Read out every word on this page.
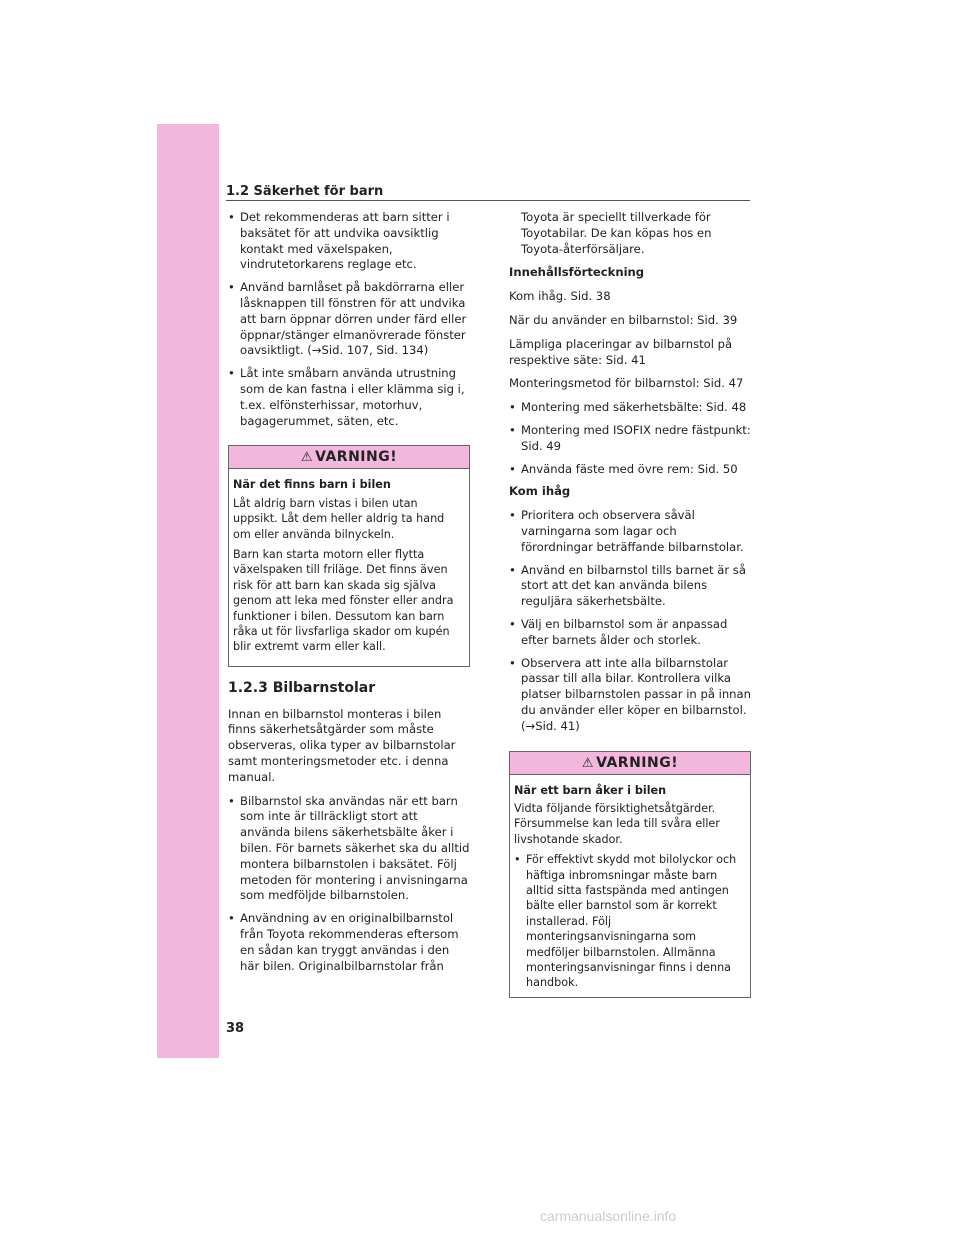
1.2 Säkerhet för barn
• Det rekommenderas att barn sitter i baksätet för att undvika oavsiktlig kontakt med växelspaken, vindrutetorkarens reglage etc.
• Använd barnlåset på bakdörrarna eller låsknappen till fönstren för att undvika att barn öppnar dörren under färd eller öppnar/stänger elmanövrerade fönster oavsiktligt. (→Sid. 107, Sid. 134)
• Låt inte småbarn använda utrustning som de kan fastna i eller klämma sig i, t.ex. elfönsterhissar, motorhuv, bagagerummet, säten, etc.
⚠ VARNING!
När det finns barn i bilen
Låt aldrig barn vistas i bilen utan uppsikt. Låt dem heller aldrig ta hand om eller använda bilnyckeln.
Barn kan starta motorn eller flytta växelspaken till friläge. Det finns även risk för att barn kan skada sig själva genom att leka med fönster eller andra funktioner i bilen. Dessutom kan barn råka ut för livsfarliga skador om kupén blir extremt varm eller kall.
1.2.3 Bilbarnstolar
Innan en bilbarnstol monteras i bilen finns säkerhetsåtgärder som måste observeras, olika typer av bilbarnstolar samt monteringsmetoder etc. i denna manual.
• Bilbarnstol ska användas när ett barn som inte är tillräckligt stort att använda bilens säkerhetsbälte åker i bilen. För barnets säkerhet ska du alltid montera bilbarnstolen i baksätet. Följ metoden för montering i anvisningarna som medföljde bilbarnstolen.
• Användning av en originalbilbarnstol från Toyota rekommenderas eftersom en sådan kan tryggt användas i den här bilen. Originalbilbarnstolar från
Toyota är speciellt tillverkade för Toyotabilar. De kan köpas hos en Toyota-återförsäljare.
Innehållsförteckning
Kom ihåg. Sid. 38
När du använder en bilbarnstol: Sid. 39
Lämpliga placeringar av bilbarnstol på respektive säte: Sid. 41
Monteringsmetod för bilbarnstol: Sid. 47
• Montering med säkerhetsbälte: Sid. 48
• Montering med ISOFIX nedre fästpunkt: Sid. 49
• Använda fäste med övre rem: Sid. 50
Kom ihåg
• Prioritera och observera såväl varningarna som lagar och förordningar beträffande bilbarnstolar.
• Använd en bilbarnstol tills barnet är så stort att det kan använda bilens reguljära säkerhetsbälte.
• Välj en bilbarnstol som är anpassad efter barnets ålder och storlek.
• Observera att inte alla bilbarnstolar passar till alla bilar. Kontrollera vilka platser bilbarnstolen passar in på innan du använder eller köper en bilbarnstol. (→Sid. 41)
⚠ VARNING!
När ett barn åker i bilen
Vidta följande försiktighetsåtgärder. Försummelse kan leda till svåra eller livshotande skador.
• För effektivt skydd mot bilolyckor och häftiga inbromsningar måste barn alltid sitta fastspända med antingen bälte eller barnstol som är korrekt installerad. Följ monteringsanvisningarna som medföljer bilbarnstolen. Allmänna monteringsanvisningar finns i denna handbok.
38
carmanualsonline.info
